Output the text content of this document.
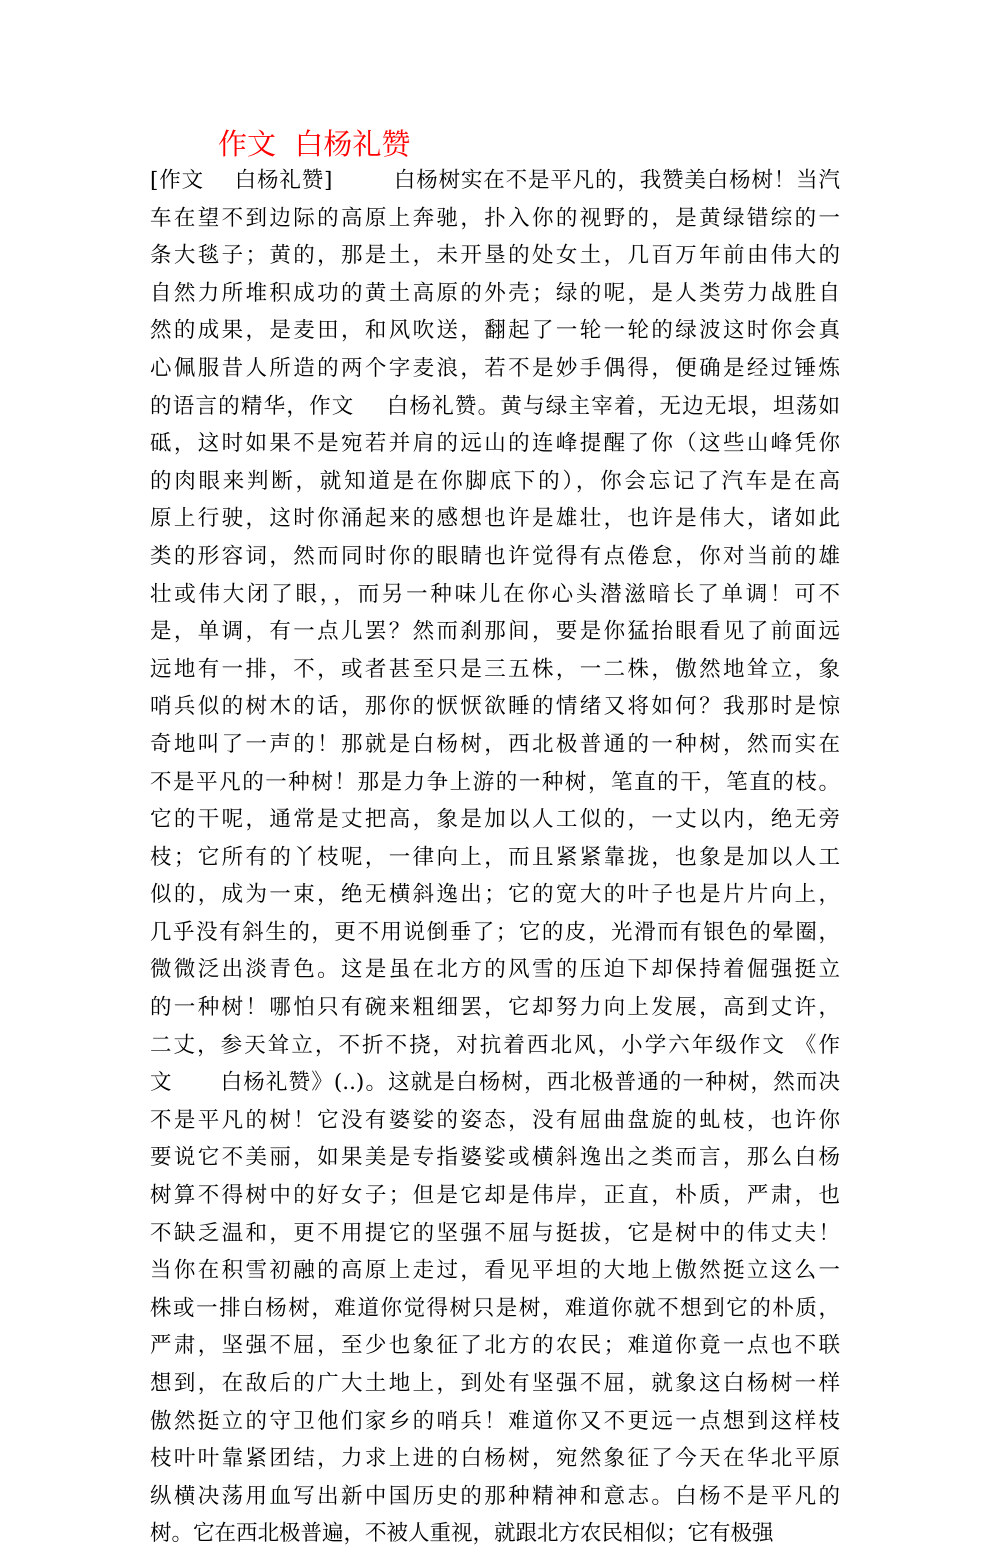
作文  白杨礼赞
[作文    白杨礼赞]        白杨树实在不是平凡的，我赞美白杨树！当汽
车在望不到边际的高原上奔驰，扑入你的视野的，是黄绿错综的一
条大毯子；黄的，那是土，未开垦的处女土，几百万年前由伟大的
自然力所堆积成功的黄土高原的外壳；绿的呢，是人类劳力战胜自
然的成果，是麦田，和风吹送，翻起了一轮一轮的绿波这时你会真
心佩服昔人所造的两个字麦浪，若不是妙手偶得，便确是经过锤炼
的语言的精华，作文    白杨礼赞。黄与绿主宰着，无边无垠，坦荡如
砥，这时如果不是宛若并肩的远山的连峰提醒了你（这些山峰凭你
的肉眼来判断，就知道是在你脚底下的），你会忘记了汽车是在高
原上行驶，这时你涌起来的感想也许是雄壮，也许是伟大，诸如此
类的形容词，然而同时你的眼睛也许觉得有点倦怠，你对当前的雄
壮或伟大闭了眼，，而另一种味儿在你心头潜滋暗长了单调！可不
是，单调，有一点儿罢？然而刹那间，要是你猛抬眼看见了前面远
远地有一排，不，或者甚至只是三五株，一二株，傲然地耸立，象
哨兵似的树木的话，那你的恹恹欲睡的情绪又将如何？我那时是惊
奇地叫了一声的！那就是白杨树，西北极普通的一种树，然而实在
不是平凡的一种树！那是力争上游的一种树，笔直的干，笔直的枝。
它的干呢，通常是丈把高，象是加以人工似的，一丈以内，绝无旁
枝；它所有的丫枝呢，一律向上，而且紧紧靠拢，也象是加以人工
似的，成为一束，绝无横斜逸出；它的宽大的叶子也是片片向上，
几乎没有斜生的，更不用说倒垂了；它的皮，光滑而有银色的晕圈，
微微泛出淡青色。这是虽在北方的风雪的压迫下却保持着倔强挺立
的一种树！哪怕只有碗来粗细罢，它却努力向上发展，高到丈许，
二丈，参天耸立，不折不挠，对抗着西北风，小学六年级作文 《作
文      白杨礼赞》(..)。这就是白杨树，西北极普通的一种树，然而决
不是平凡的树！它没有婆娑的姿态，没有屈曲盘旋的虬枝，也许你
要说它不美丽，如果美是专指婆娑或横斜逸出之类而言，那么白杨
树算不得树中的好女子；但是它却是伟岸，正直，朴质，严肃，也
不缺乏温和，更不用提它的坚强不屈与挺拔，它是树中的伟丈夫！
当你在积雪初融的高原上走过，看见平坦的大地上傲然挺立这么一
株或一排白杨树，难道你觉得树只是树，难道你就不想到它的朴质，
严肃，坚强不屈，至少也象征了北方的农民；难道你竟一点也不联
想到，在敌后的广大土地上，到处有坚强不屈，就象这白杨树一样
傲然挺立的守卫他们家乡的哨兵！难道你又不更远一点想到这样枝
枝叶叶靠紧团结，力求上进的白杨树，宛然象征了今天在华北平原
纵横决荡用血写出新中国历史的那种精神和意志。白杨不是平凡的
树。它在西北极普遍，不被人重视，就跟北方农民相似；它有极强
